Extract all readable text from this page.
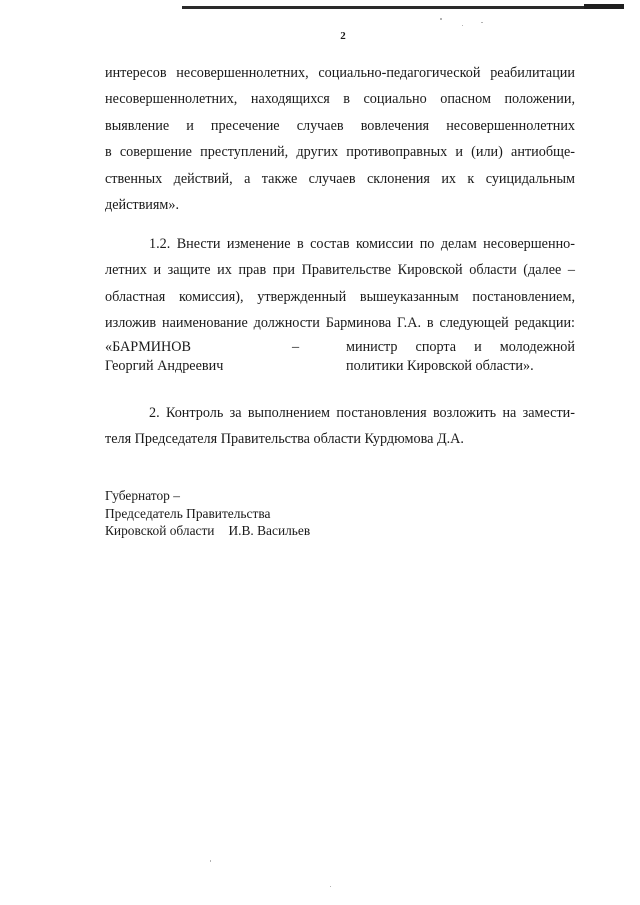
2
интересов несовершеннолетних, социально-педагогической реабилитации
несовершеннолетних, находящихся в социально опасном положении,
выявление и пресечение случаев вовлечения несовершеннолетних
в совершение преступлений, других противоправных и (или) антиобще-
ственных действий, а также случаев склонения их к суицидальным
действиям».
1.2. Внести изменение в состав комиссии по делам несовершенно-
летних и защите их прав при Правительстве Кировской области (далее –
областная комиссия), утвержденный вышеуказанным постановлением,
изложив наименование должности Барминова Г.А. в следующей редакции:
«БАРМИНОВ
Георгий Андреевич
–	министр спорта и молодежной
политики Кировской области».
2. Контроль за выполнением постановления возложить на замести-
теля Председателя Правительства области Курдюмова Д.А.
Губернатор –
Председатель Правительства
Кировской области И.В. Васильев
